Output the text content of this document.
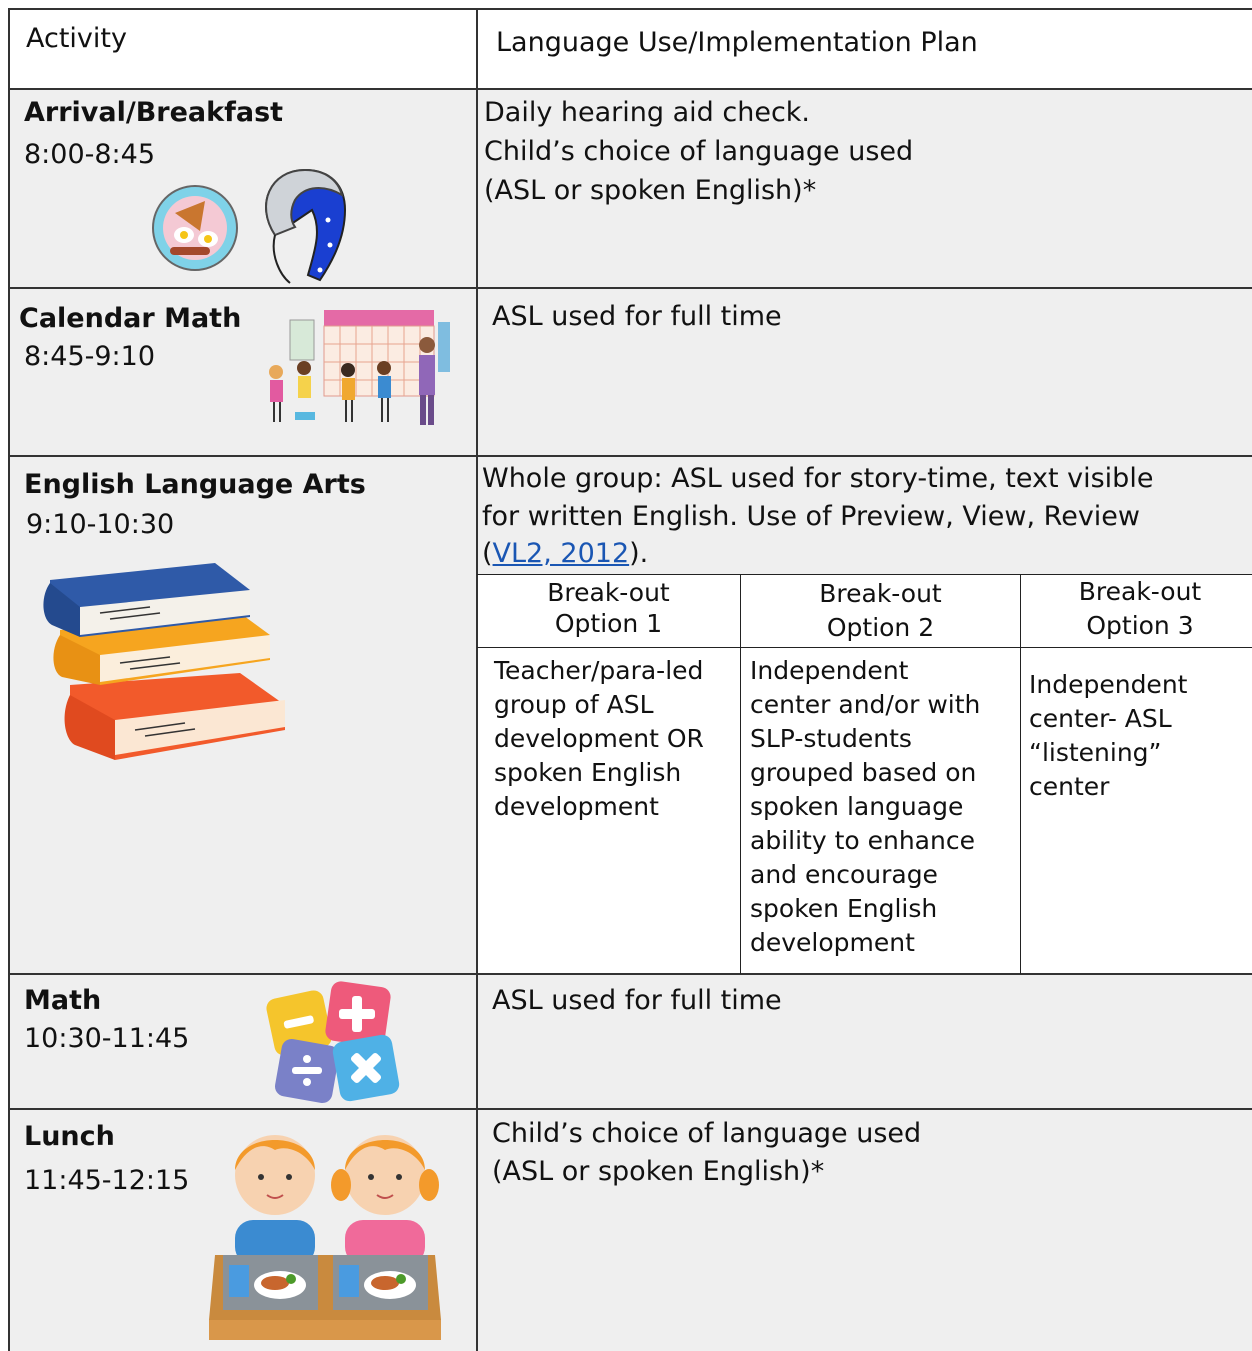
Activity	Language Use/Implementation Plan
Arrival/Breakfast
8:00-8:45
Daily hearing aid check.
Child’s choice of language used
(ASL or spoken English)*
Calendar Math
8:45-9:10
ASL used for full time
English Language Arts
9:10-10:30
Whole group: ASL used for story-time, text visible
for written English. Use of Preview, View, Review
(VL2, 2012).
Break-out
Option 1
Break-out
Option 2
Break-out
Option 3
Teacher/para-led
group of ASL
development OR
spoken English
development
Independent
center and/or with
SLP-students
grouped based on
spoken language
ability to enhance
and encourage
spoken English
development
Independent
center- ASL
“listening”
center
Math
10:30-11:45
ASL used for full time
Lunch
11:45-12:15
Child’s choice of language used
(ASL or spoken English)*
